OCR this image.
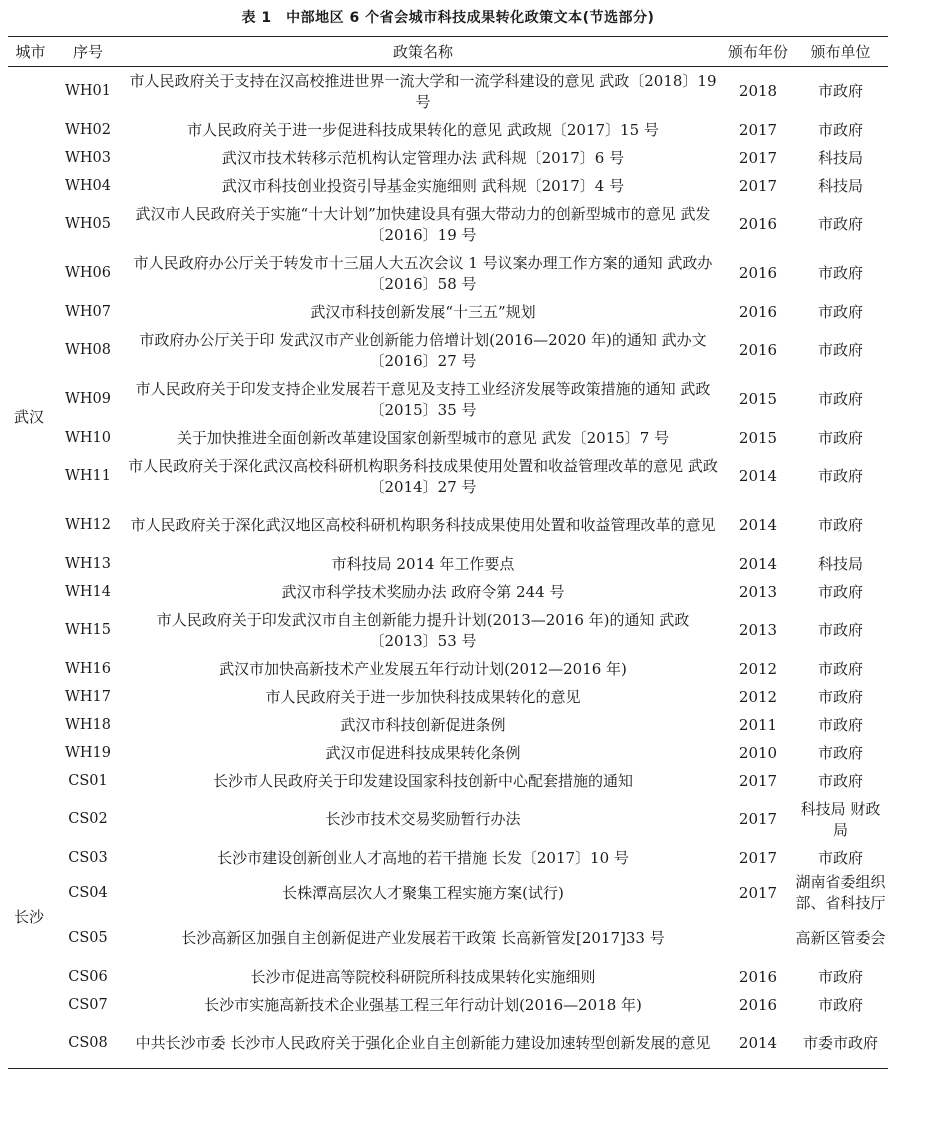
表 1　中部地区 6 个省会城市科技成果转化政策文本(节选部分)
城市	序号	政策名称	颁布年份	颁布单位
武汉	WH01	市人民政府关于支持在汉高校推进世界一流大学和一流学科建设的意见 武政〔2018〕19 号	2018	市政府
	WH02	市人民政府关于进一步促进科技成果转化的意见 武政规〔2017〕15 号	2017	市政府
	WH03	武汉市技术转移示范机构认定管理办法 武科规〔2017〕6 号	2017	科技局
	WH04	武汉市科技创业投资引导基金实施细则 武科规〔2017〕4 号	2017	科技局
	WH05	武汉市人民政府关于实施“十大计划”加快建设具有强大带动力的创新型城市的意见 武发〔2016〕19 号	2016	市政府
	WH06	市人民政府办公厅关于转发市十三届人大五次会议 1 号议案办理工作方案的通知 武政办〔2016〕58 号	2016	市政府
	WH07	武汉市科技创新发展“十三五”规划	2016	市政府
	WH08	市政府办公厅关于印 发武汉市产业创新能力倍增计划(2016—2020 年)的通知 武办文〔2016〕27 号	2016	市政府
	WH09	市人民政府关于印发支持企业发展若干意见及支持工业经济发展等政策措施的通知 武政〔2015〕35 号	2015	市政府
	WH10	关于加快推进全面创新改革建设国家创新型城市的意见 武发〔2015〕7 号	2015	市政府
	WH11	市人民政府关于深化武汉高校科研机构职务科技成果使用处置和收益管理改革的意见 武政〔2014〕27 号	2014	市政府
	WH12	市人民政府关于深化武汉地区高校科研机构职务科技成果使用处置和收益管理改革的意见	2014	市政府
	WH13	市科技局 2014 年工作要点	2014	科技局
	WH14	武汉市科学技术奖励办法 政府令第 244 号	2013	市政府
	WH15	市人民政府关于印发武汉市自主创新能力提升计划(2013—2016 年)的通知 武政〔2013〕53 号	2013	市政府
	WH16	武汉市加快高新技术产业发展五年行动计划(2012—2016 年)	2012	市政府
	WH17	市人民政府关于进一步加快科技成果转化的意见	2012	市政府
	WH18	武汉市科技创新促进条例	2011	市政府
	WH19	武汉市促进科技成果转化条例	2010	市政府
长沙	CS01	长沙市人民政府关于印发建设国家科技创新中心配套措施的通知	2017	市政府
	CS02	长沙市技术交易奖励暂行办法	2017	科技局 财政局
	CS03	长沙市建设创新创业人才高地的若干措施 长发〔2017〕10 号	2017	市政府
	CS04	长株潭高层次人才聚集工程实施方案(试行)	2017	湖南省委组织部、省科技厅
	CS05	长沙高新区加强自主创新促进产业发展若干政策 长高新管发[2017]33 号		高新区管委会
	CS06	长沙市促进高等院校科研院所科技成果转化实施细则	2016	市政府
	CS07	长沙市实施高新技术企业强基工程三年行动计划(2016—2018 年)	2016	市政府
	CS08	中共长沙市委 长沙市人民政府关于强化企业自主创新能力建设加速转型创新发展的意见	2014	市委市政府
